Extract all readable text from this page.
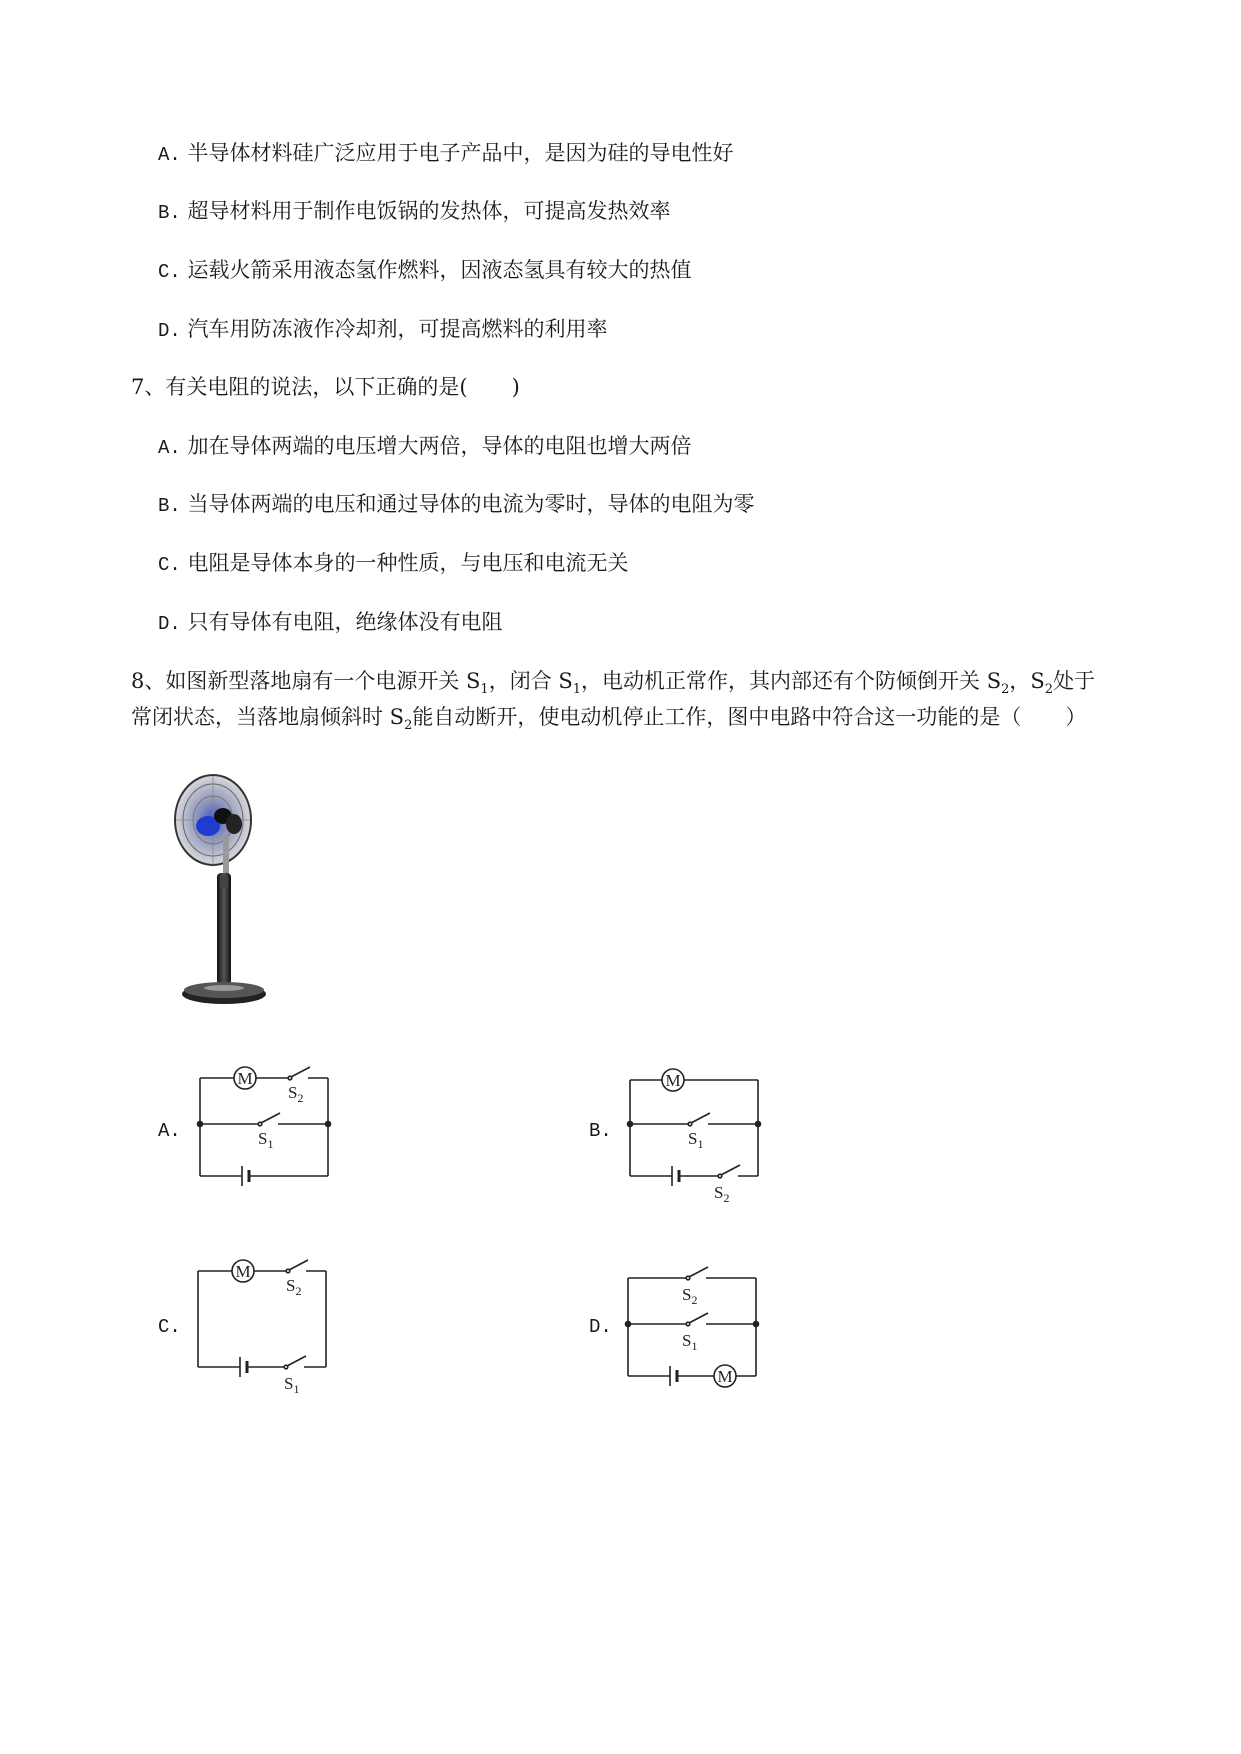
A. 半导体材料硅广泛应用于电子产品中，是因为硅的导电性好
B. 超导材料用于制作电饭锅的发热体，可提高发热效率
C. 运载火箭采用液态氢作燃料，因液态氢具有较大的热值
D. 汽车用防冻液作冷却剂，可提高燃料的利用率
7、有关电阻的说法，以下正确的是( )
A. 加在导体两端的电压增大两倍，导体的电阻也增大两倍
B. 当导体两端的电压和通过导体的电流为零时，导体的电阻为零
C. 电阻是导体本身的一种性质，与电压和电流无关
D. 只有导体有电阻，绝缘体没有电阻
8、如图新型落地扇有一个电源开关 $S_1$，闭合 $S_1$，电动机正常作，其内部还有个防倾倒开关 $S_2$，$S_2$处于
常闭状态，当落地扇倾斜时 $S_2$能自动断开，使电动机停止工作，图中电路中符合这一功能的是（ ）
A.	B.
C.	D.
M
$S_2$
$S_1$
M
$S_1$
$S_2$
M
$S_2$
$S_1$
$S_2$
$S_1$
M
